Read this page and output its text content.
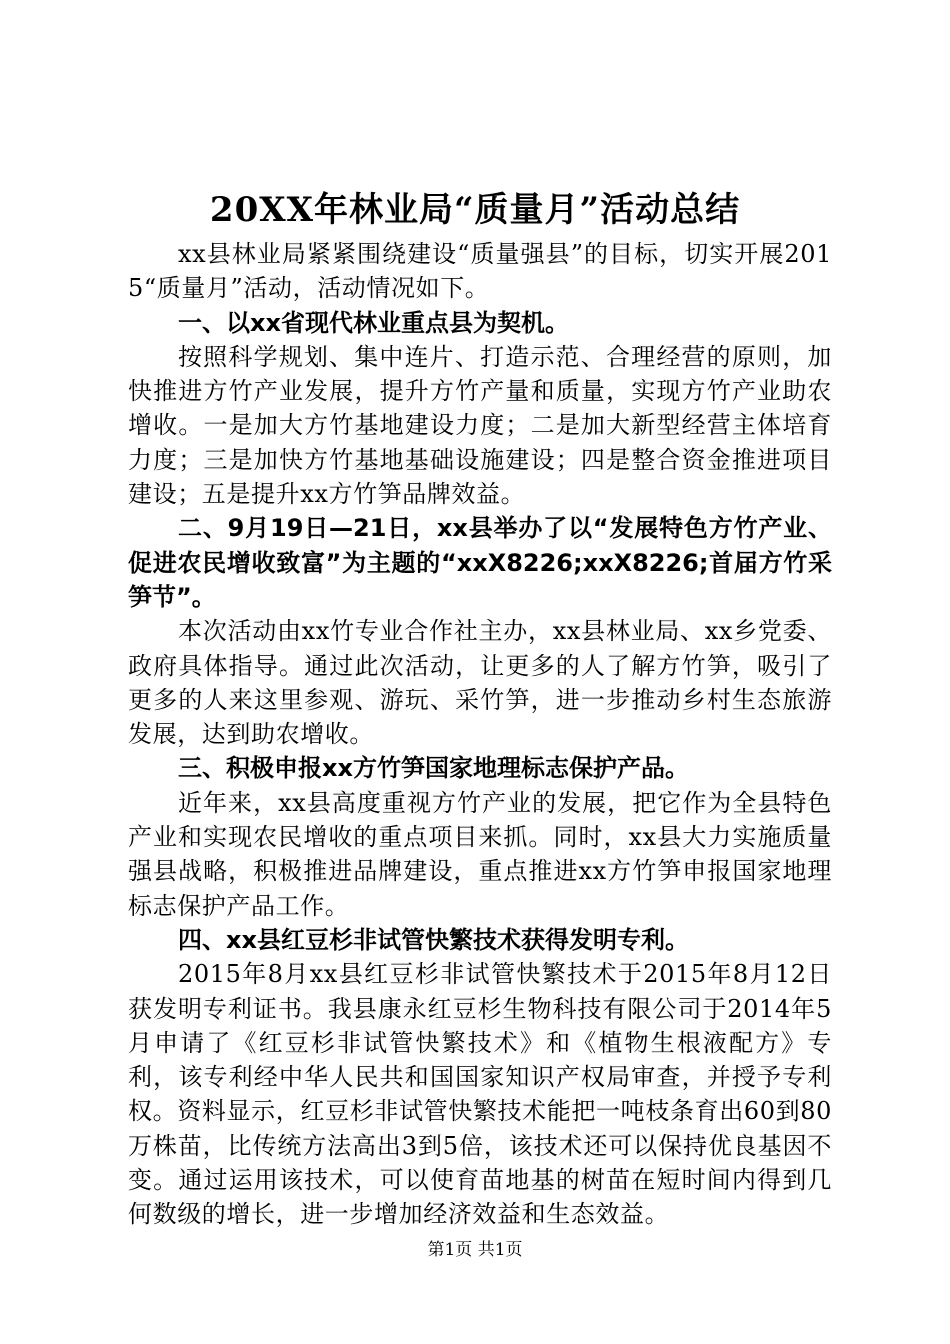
20XX年林业局“质量月”活动总结

xx县林业局紧紧围绕建设“质量强县”的目标，切实开展2015“质量月”活动，活动情况如下。

一、以xx省现代林业重点县为契机。

按照科学规划、集中连片、打造示范、合理经营的原则，加快推进方竹产业发展，提升方竹产量和质量，实现方竹产业助农增收。一是加大方竹基地建设力度；二是加大新型经营主体培育力度；三是加快方竹基地基础设施建设；四是整合资金推进项目建设；五是提升xx方竹笋品牌效益。

二、9月19日—21日，xx县举办了以“发展特色方竹产业、促进农民增收致富”为主题的“xxX8226;xxX8226;首届方竹采笋节”。

本次活动由xx竹专业合作社主办，xx县林业局、xx乡党委、政府具体指导。通过此次活动，让更多的人了解方竹笋，吸引了更多的人来这里参观、游玩、采竹笋，进一步推动乡村生态旅游发展，达到助农增收。

三、积极申报xx方竹笋国家地理标志保护产品。

近年来，xx县高度重视方竹产业的发展，把它作为全县特色产业和实现农民增收的重点项目来抓。同时，xx县大力实施质量强县战略，积极推进品牌建设，重点推进xx方竹笋申报国家地理标志保护产品工作。

四、xx县红豆杉非试管快繁技术获得发明专利。

2015年8月xx县红豆杉非试管快繁技术于2015年8月12日获发明专利证书。我县康永红豆杉生物科技有限公司于2014年5月申请了《红豆杉非试管快繁技术》和《植物生根液配方》专利，该专利经中华人民共和国国家知识产权局审查，并授予专利权。资料显示，红豆杉非试管快繁技术能把一吨枝条育出60到80万株苗，比传统方法高出3到5倍，该技术还可以保持优良基因不变。通过运用该技术，可以使育苗地基的树苗在短时间内得到几何数级的增长，进一步增加经济效益和生态效益。

第1页 共1页
